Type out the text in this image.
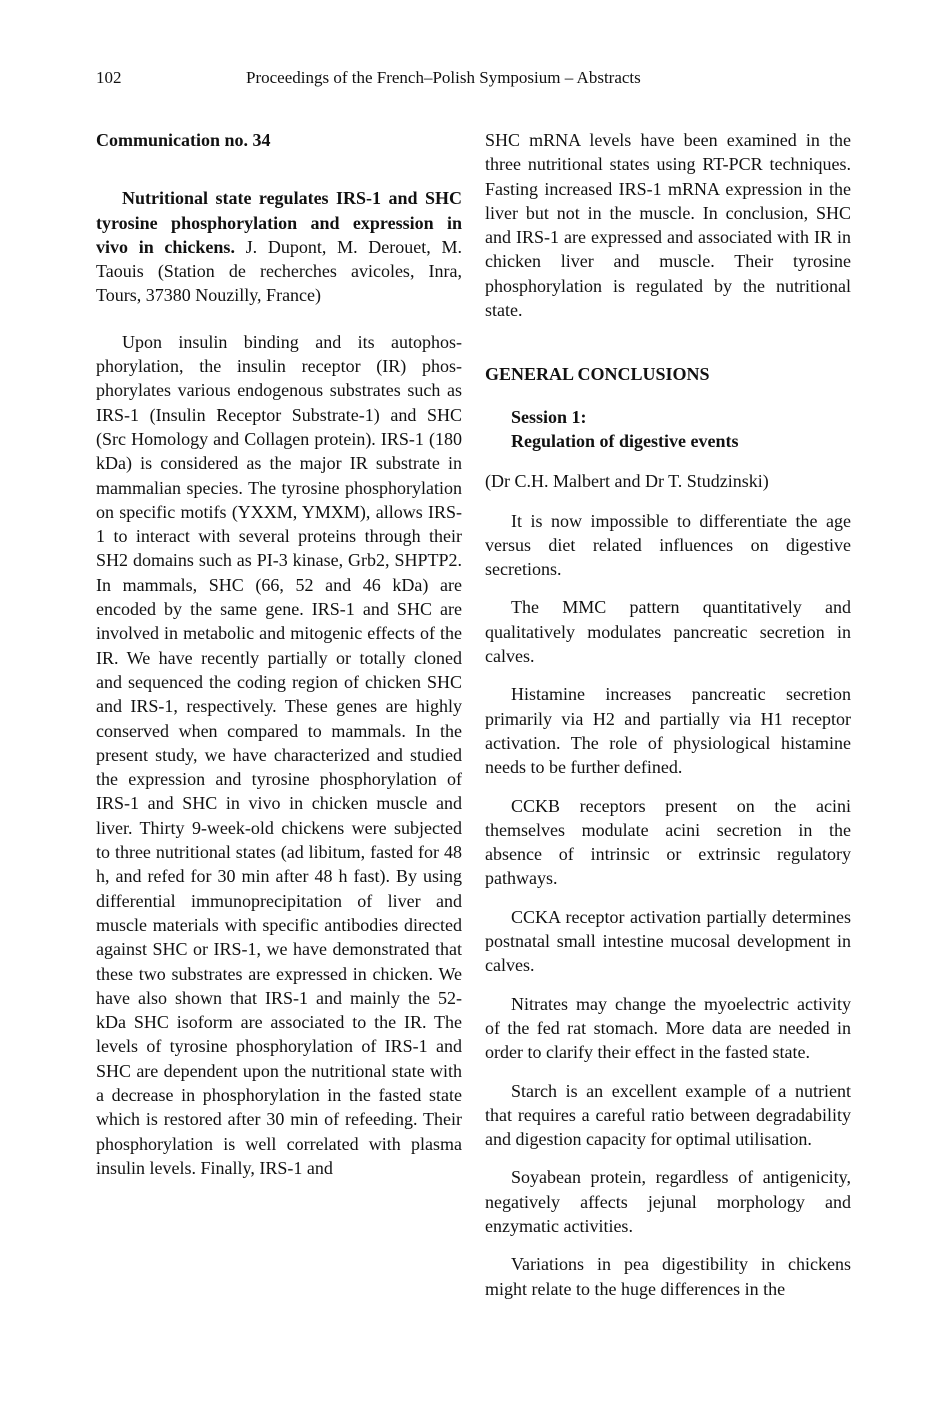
102	Proceedings of the French–Polish Symposium – Abstracts

Communication no. 34

Nutritional state regulates IRS-1 and SHC tyrosine phosphorylation and expression in vivo in chickens. J. Dupont, M. Derouet, M. Taouis (Station de recherches avicoles, Inra, Tours, 37380 Nouzilly, France)

Upon insulin binding and its autophosphorylation, the insulin receptor (IR) phosphorylates various endogenous substrates such as IRS-1 (Insulin Receptor Substrate-1) and SHC (Src Homology and Collagen protein). IRS-1 (180 kDa) is considered as the major IR substrate in mammalian species. The tyrosine phosphorylation on specific motifs (YXXM, YMXM), allows IRS-1 to interact with several proteins through their SH2 domains such as PI-3 kinase, Grb2, SHPTP2. In mammals, SHC (66, 52 and 46 kDa) are encoded by the same gene. IRS-1 and SHC are involved in metabolic and mitogenic effects of the IR. We have recently partially or totally cloned and sequenced the coding region of chicken SHC and IRS-1, respectively. These genes are highly conserved when compared to mammals. In the present study, we have characterized and studied the expression and tyrosine phosphorylation of IRS-1 and SHC in vivo in chicken muscle and liver. Thirty 9-week-old chickens were subjected to three nutritional states (ad libitum, fasted for 48 h, and refed for 30 min after 48 h fast). By using differential immunoprecipitation of liver and muscle materials with specific antibodies directed against SHC or IRS-1, we have demonstrated that these two substrates are expressed in chicken. We have also shown that IRS-1 and mainly the 52-kDa SHC isoform are associated to the IR. The levels of tyrosine phosphorylation of IRS-1 and SHC are dependent upon the nutritional state with a decrease in phosphorylation in the fasted state which is restored after 30 min of refeeding. Their phosphorylation is well correlated with plasma insulin levels. Finally, IRS-1 and

SHC mRNA levels have been examined in the three nutritional states using RT-PCR techniques. Fasting increased IRS-1 mRNA expression in the liver but not in the muscle. In conclusion, SHC and IRS-1 are expressed and associated with IR in chicken liver and muscle. Their tyrosine phosphorylation is regulated by the nutritional state.

GENERAL CONCLUSIONS

Session 1:
Regulation of digestive events

(Dr C.H. Malbert and Dr T. Studzinski)

It is now impossible to differentiate the age versus diet related influences on digestive secretions.

The MMC pattern quantitatively and qualitatively modulates pancreatic secretion in calves.

Histamine increases pancreatic secretion primarily via H2 and partially via H1 receptor activation. The role of physiological histamine needs to be further defined.

CCKB receptors present on the acini themselves modulate acini secretion in the absence of intrinsic or extrinsic regulatory pathways.

CCKA receptor activation partially determines postnatal small intestine mucosal development in calves.

Nitrates may change the myoelectric activity of the fed rat stomach. More data are needed in order to clarify their effect in the fasted state.

Starch is an excellent example of a nutrient that requires a careful ratio between degradability and digestion capacity for optimal utilisation.

Soyabean protein, regardless of antigenicity, negatively affects jejunal morphology and enzymatic activities.

Variations in pea digestibility in chickens might relate to the huge differences in the
